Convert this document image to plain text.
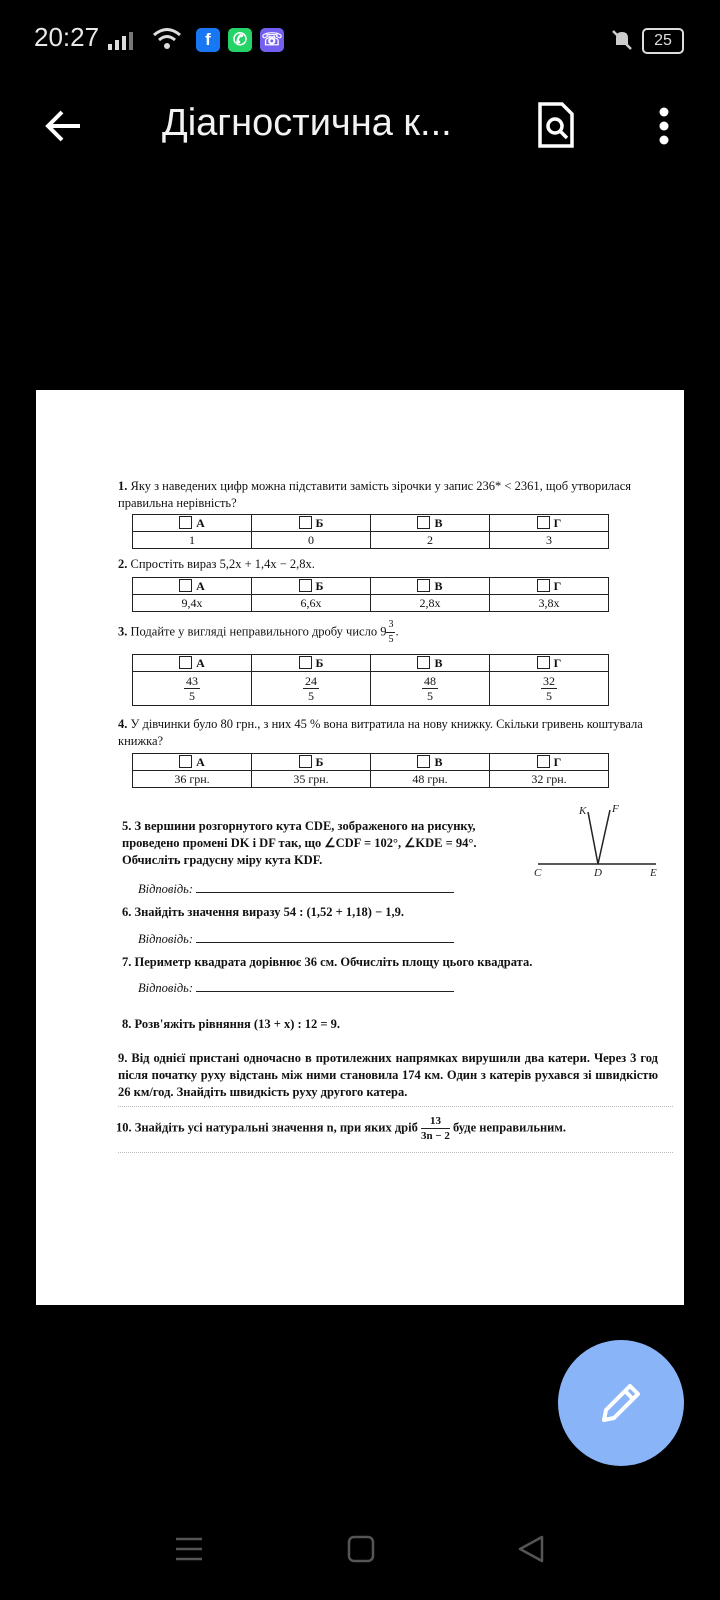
20:27	f	✆ ☏	25
Діагностична к...
1. Яку з наведених цифр можна підставити замість зірочки у запис 236* < 2361, щоб утворилася правильна нерівність?
А	Б	В	Г
1	0	2	3
2. Спростіть вираз 5,2x + 1,4x − 2,8x.
А	Б	В	Г
9,4x	6,6x	2,8x	3,8x
3. Подайте у вигляді неправильного дробу число $9 \frac{3}{5}$.
А	Б	В	Г

$\frac{43}{5}$	$\frac{24}{5}$	$\frac{48}{5}$	$\frac{32}{5}$
4. У дівчинки було 80 грн., з них 45 % вона витратила на нову книжку. Скільки гривень коштувала книжка?
А	Б	В	Г
36 грн.	35 грн.	48 грн.	32 грн.
5. З вершини розгорнутого кута CDE, зображеного на рисунку, проведено промені DK і DF так, що ∠CDF = 102°, ∠KDE = 94°. Обчисліть градусну міру кута KDF.
Відповідь:
K F
C	D	E
6. Знайдіть значення виразу 54 : (1,52 + 1,18) − 1,9.
Відповідь:
7. Периметр квадрата дорівнює 36 см. Обчисліть площу цього квадрата.
Відповідь:
8. Розв'яжіть рівняння (13 + x) : 12 = 9.
9. Від однієї пристані одночасно в протилежних напрямках вирушили два катери. Через 3 год після початку руху відстань між ними становила 174 км. Один з катерів рухався зі швидкістю 26 км/год. Знайдіть швидкість руху другого катера.
10. Знайдіть усі натуральні значення n, при яких дріб $\frac{13}{3n - 2}$ буде неправильним.
